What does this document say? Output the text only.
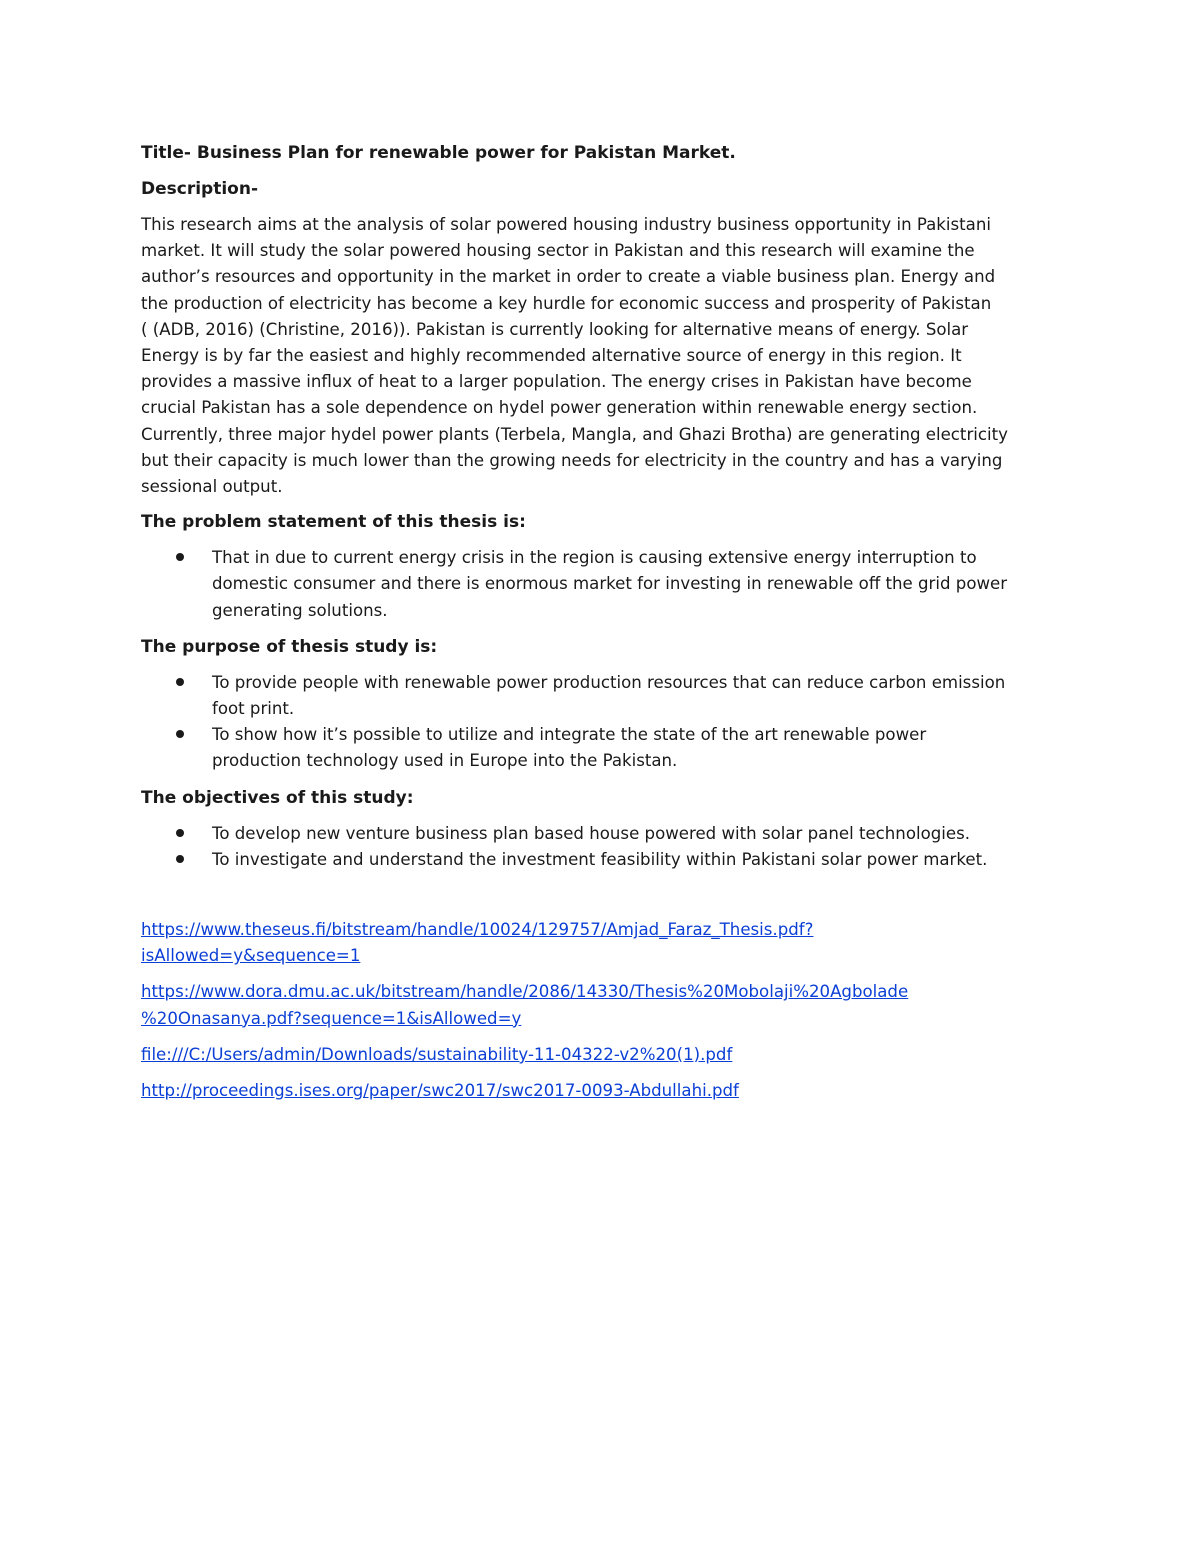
Title- Business Plan for renewable power for Pakistan Market.
Description-
This research aims at the analysis of solar powered housing industry business opportunity in Pakistani
market. It will study the solar powered housing sector in Pakistan and this research will examine the
author’s resources and opportunity in the market in order to create a viable business plan. Energy and
the production of electricity has become a key hurdle for economic success and prosperity of Pakistan
( (ADB, 2016) (Christine, 2016)). Pakistan is currently looking for alternative means of energy. Solar
Energy is by far the easiest and highly recommended alternative source of energy in this region. It
provides a massive influx of heat to a larger population. The energy crises in Pakistan have become
crucial Pakistan has a sole dependence on hydel power generation within renewable energy section.
Currently, three major hydel power plants (Terbela, Mangla, and Ghazi Brotha) are generating electricity
but their capacity is much lower than the growing needs for electricity in the country and has a varying
sessional output.
The problem statement of this thesis is:
That in due to current energy crisis in the region is causing extensive energy interruption to
domestic consumer and there is enormous market for investing in renewable off the grid power
generating solutions.
The purpose of thesis study is:
To provide people with renewable power production resources that can reduce carbon emission
foot print.
To show how it’s possible to utilize and integrate the state of the art renewable power
production technology used in Europe into the Pakistan.
The objectives of this study:
To develop new venture business plan based house powered with solar panel technologies.
To investigate and understand the investment feasibility within Pakistani solar power market.
https://www.theseus.fi/bitstream/handle/10024/129757/Amjad_Faraz_Thesis.pdf?
isAllowed=y&sequence=1
https://www.dora.dmu.ac.uk/bitstream/handle/2086/14330/Thesis%20Mobolaji%20Agbolade
%20Onasanya.pdf?sequence=1&isAllowed=y
file:///C:/Users/admin/Downloads/sustainability-11-04322-v2%20(1).pdf
http://proceedings.ises.org/paper/swc2017/swc2017-0093-Abdullahi.pdf
